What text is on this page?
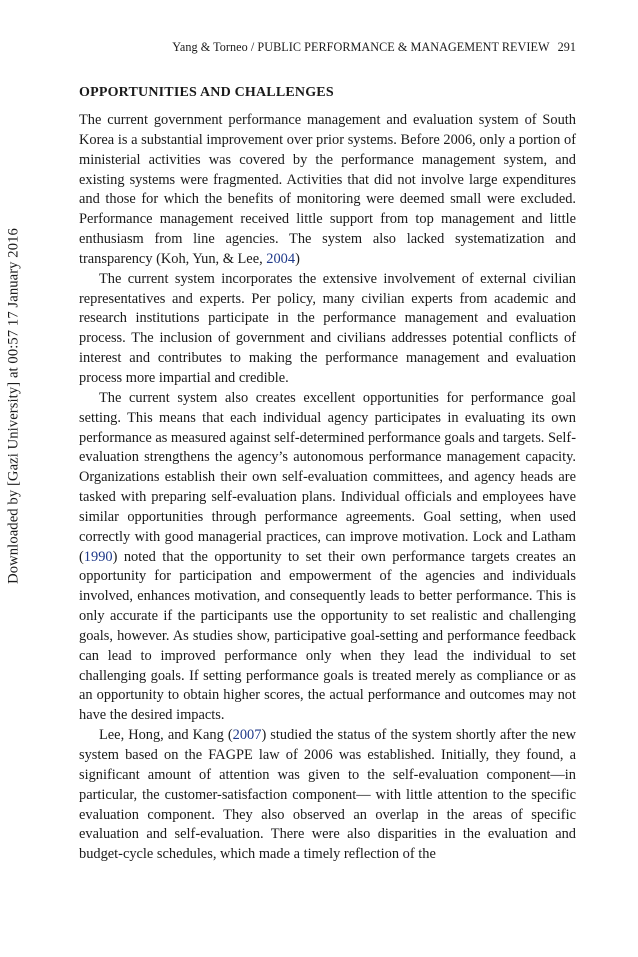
Yang & Torneo / PUBLIC PERFORMANCE & MANAGEMENT REVIEW 291
Downloaded by [Gazi University] at 00:57 17 January 2016
OPPORTUNITIES AND CHALLENGES

The current government performance management and evaluation system of South Korea is a substantial improvement over prior systems. Before 2006, only a portion of ministerial activities was covered by the performance management system, and existing systems were fragmented. Activities that did not involve large expenditures and those for which the benefits of monitoring were deemed small were excluded. Performance management received little support from top management and little enthusiasm from line agencies. The system also lacked systematization and transparency (Koh, Yun, & Lee, 2004)

The current system incorporates the extensive involvement of external civilian representatives and experts. Per policy, many civilian experts from academic and research institutions participate in the performance management and evaluation process. The inclusion of government and civilians addresses potential conflicts of interest and contributes to making the performance management and evaluation process more impartial and credible.

The current system also creates excellent opportunities for performance goal setting. This means that each individual agency participates in evaluating its own performance as measured against self-determined performance goals and targets. Self-evaluation strengthens the agency’s autonomous performance management capacity. Organizations establish their own self-evaluation committees, and agency heads are tasked with preparing self-evaluation plans. Individual officials and employees have similar opportunities through performance agreements. Goal setting, when used correctly with good managerial practices, can improve motivation. Lock and Latham (1990) noted that the opportunity to set their own performance targets creates an opportunity for participation and empowerment of the agencies and individuals involved, enhances motivation, and consequently leads to better performance. This is only accurate if the participants use the opportunity to set realistic and challenging goals, however. As studies show, participative goal-setting and performance feedback can lead to improved performance only when they lead the individual to set challenging goals. If setting performance goals is treated merely as compliance or as an opportunity to obtain higher scores, the actual performance and outcomes may not have the desired impacts.

Lee, Hong, and Kang (2007) studied the status of the system shortly after the new system based on the FAGPE law of 2006 was established. Initially, they found, a significant amount of attention was given to the self-evaluation component—in particular, the customer-satisfaction component— with little attention to the specific evaluation component. They also observed an overlap in the areas of specific evaluation and self-evaluation. There were also disparities in the evaluation and budget-cycle schedules, which made a timely reflection of the
